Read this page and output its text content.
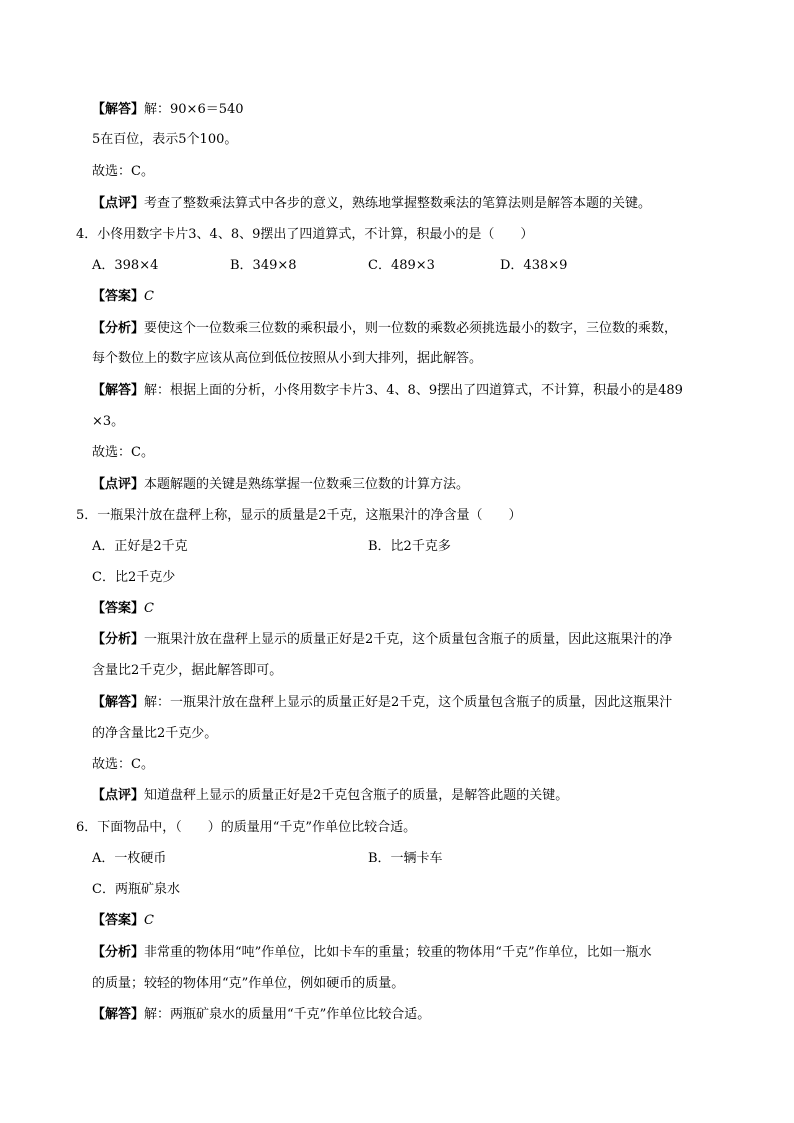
【解答】解：90×6＝540
5在百位，表示5个100。
故选：C。
【点评】考查了整数乘法算式中各步的意义，熟练地掌握整数乘法的笔算法则是解答本题的关键。
4．小佟用数字卡片3、4、8、9摆出了四道算式，不计算，积最小的是（　　）
A．398×4	B．349×8	C．489×3	D．438×9
【答案】C
【分析】要使这个一位数乘三位数的乘积最小，则一位数的乘数必须挑选最小的数字，三位数的乘数，
每个数位上的数字应该从高位到低位按照从小到大排列，据此解答。
【解答】解：根据上面的分析，小佟用数字卡片3、4、8、9摆出了四道算式，不计算，积最小的是489
×3。
故选：C。
【点评】本题解题的关键是熟练掌握一位数乘三位数的计算方法。
5．一瓶果汁放在盘秤上称，显示的质量是2千克，这瓶果汁的净含量（　　）
A．正好是2千克	B．比2千克多
C．比2千克少
【答案】C
【分析】一瓶果汁放在盘秤上显示的质量正好是2千克，这个质量包含瓶子的质量，因此这瓶果汁的净
含量比2千克少，据此解答即可。
【解答】解：一瓶果汁放在盘秤上显示的质量正好是2千克，这个质量包含瓶子的质量，因此这瓶果汁
的净含量比2千克少。
故选：C。
【点评】知道盘秤上显示的质量正好是2千克包含瓶子的质量，是解答此题的关键。
6．下面物品中，（　　）的质量用“千克”作单位比较合适。
A．一枚硬币	B．一辆卡车
C．两瓶矿泉水
【答案】C
【分析】非常重的物体用“吨”作单位，比如卡车的重量；较重的物体用“千克”作单位，比如一瓶水
的质量；较轻的物体用“克”作单位，例如硬币的质量。
【解答】解：两瓶矿泉水的质量用“千克”作单位比较合适。
